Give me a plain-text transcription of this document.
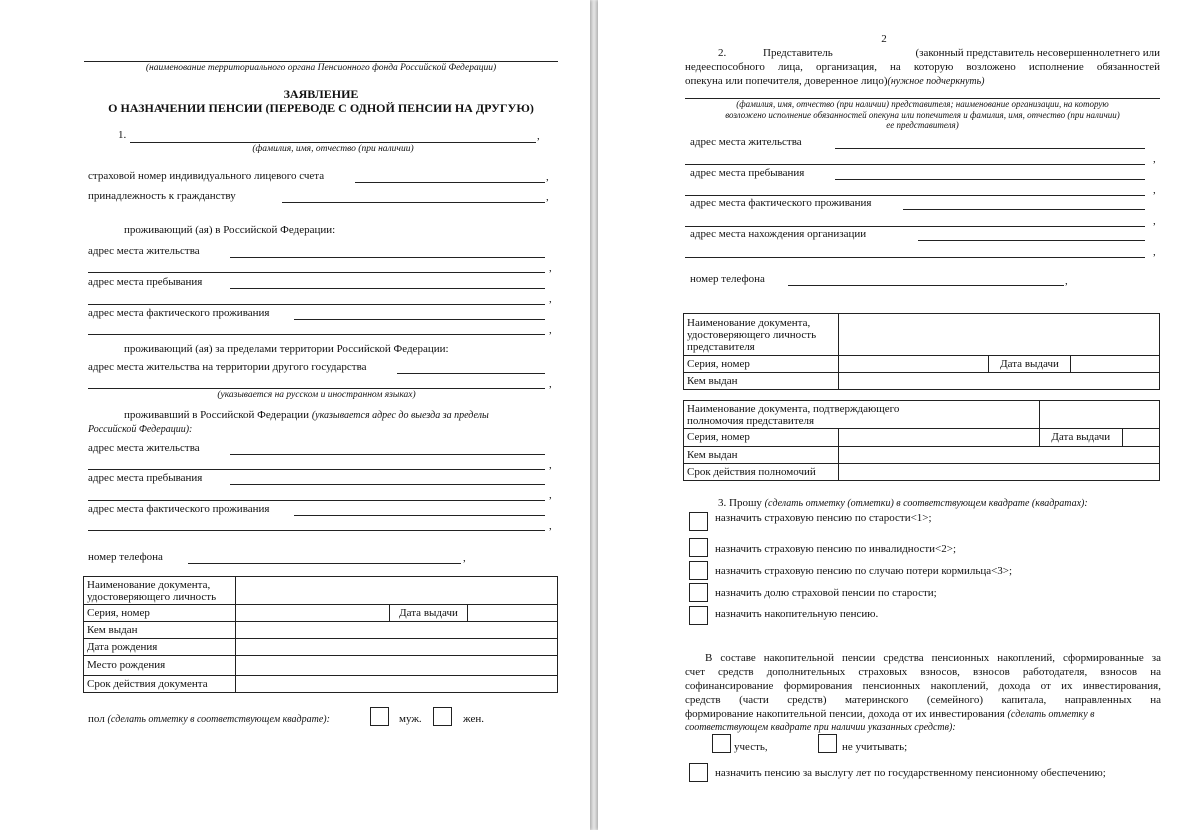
(наименование территориального органа Пенсионного фонда Российской Федерации)
ЗАЯВЛЕНИЕ
О НАЗНАЧЕНИИ ПЕНСИИ (ПЕРЕВОДЕ С ОДНОЙ ПЕНСИИ НА ДРУГУЮ)
1.	,
(фамилия, имя, отчество (при наличии)
страховой номер индивидуального лицевого счета	,
принадлежность к гражданству	,
проживающий (ая) в Российской Федерации:
адрес места жительства
,
адрес места пребывания
,
адрес места фактического проживания
,
проживающий (ая) за пределами территории Российской Федерации:
адрес места жительства на территории другого государства
,
(указывается на русском и иностранном языках)
проживавший в Российской Федерации (указывается адрес до выезда за пределы
Российской Федерации):
адрес места жительства
,
адрес места пребывания
,
адрес места фактического проживания
,
номер телефона	,
Наименование документа,
удостоверяющего личность			
Серия, номер		Дата выдачи	
Кем выдан			
Дата рождения			
Место рождения			
Срок действия документа			
пол (сделать отметку в соответствующем квадрате):	муж.	жен.
2
2.	Представитель	(законный представитель несовершеннолетнего или
недееспособного лица, организация, на которую возложено исполнение обязанностей
опекуна или попечителя, доверенное лицо)(нужное подчеркнуть)
(фамилия, имя, отчество (при наличии) представителя; наименование организации, на которую
возложено исполнение обязанностей опекуна или попечителя и фамилия, имя, отчество (при наличии)
ее представителя)
адрес места жительства
,
адрес места пребывания
,
адрес места фактического проживания
,
адрес места нахождения организации
,
номер телефона	,
Наименование документа,
удостоверяющего личность
представителя			
Серия, номер		Дата выдачи	
Кем выдан			
Наименование документа, подтверждающего
полномочия представителя	
Серия, номер			Дата выдачи	

Кем выдан	
Срок действия полномочий	
3. Прошу (сделать отметку (отметки) в соответствующем квадрате (квадратах):
назначить страховую пенсию по старости<1>;
назначить страховую пенсию по инвалидности<2>;
назначить страховую пенсию по случаю потери кормильца<3>;
назначить долю страховой пенсии по старости;
назначить накопительную пенсию.
В составе накопительной пенсии средства пенсионных накоплений, сформированные за
счет средств дополнительных страховых взносов, взносов работодателя, взносов на
софинансирование формирования пенсионных накоплений, дохода от их инвестирования,
средств (части средств) материнского (семейного) капитала, направленных на
формирование накопительной пенсии, дохода от их инвестирования (сделать отметку в
соответствующем квадрате при наличии указанных средств):
учесть,	не учитывать;
назначить пенсию за выслугу лет по государственному пенсионному обеспечению;
